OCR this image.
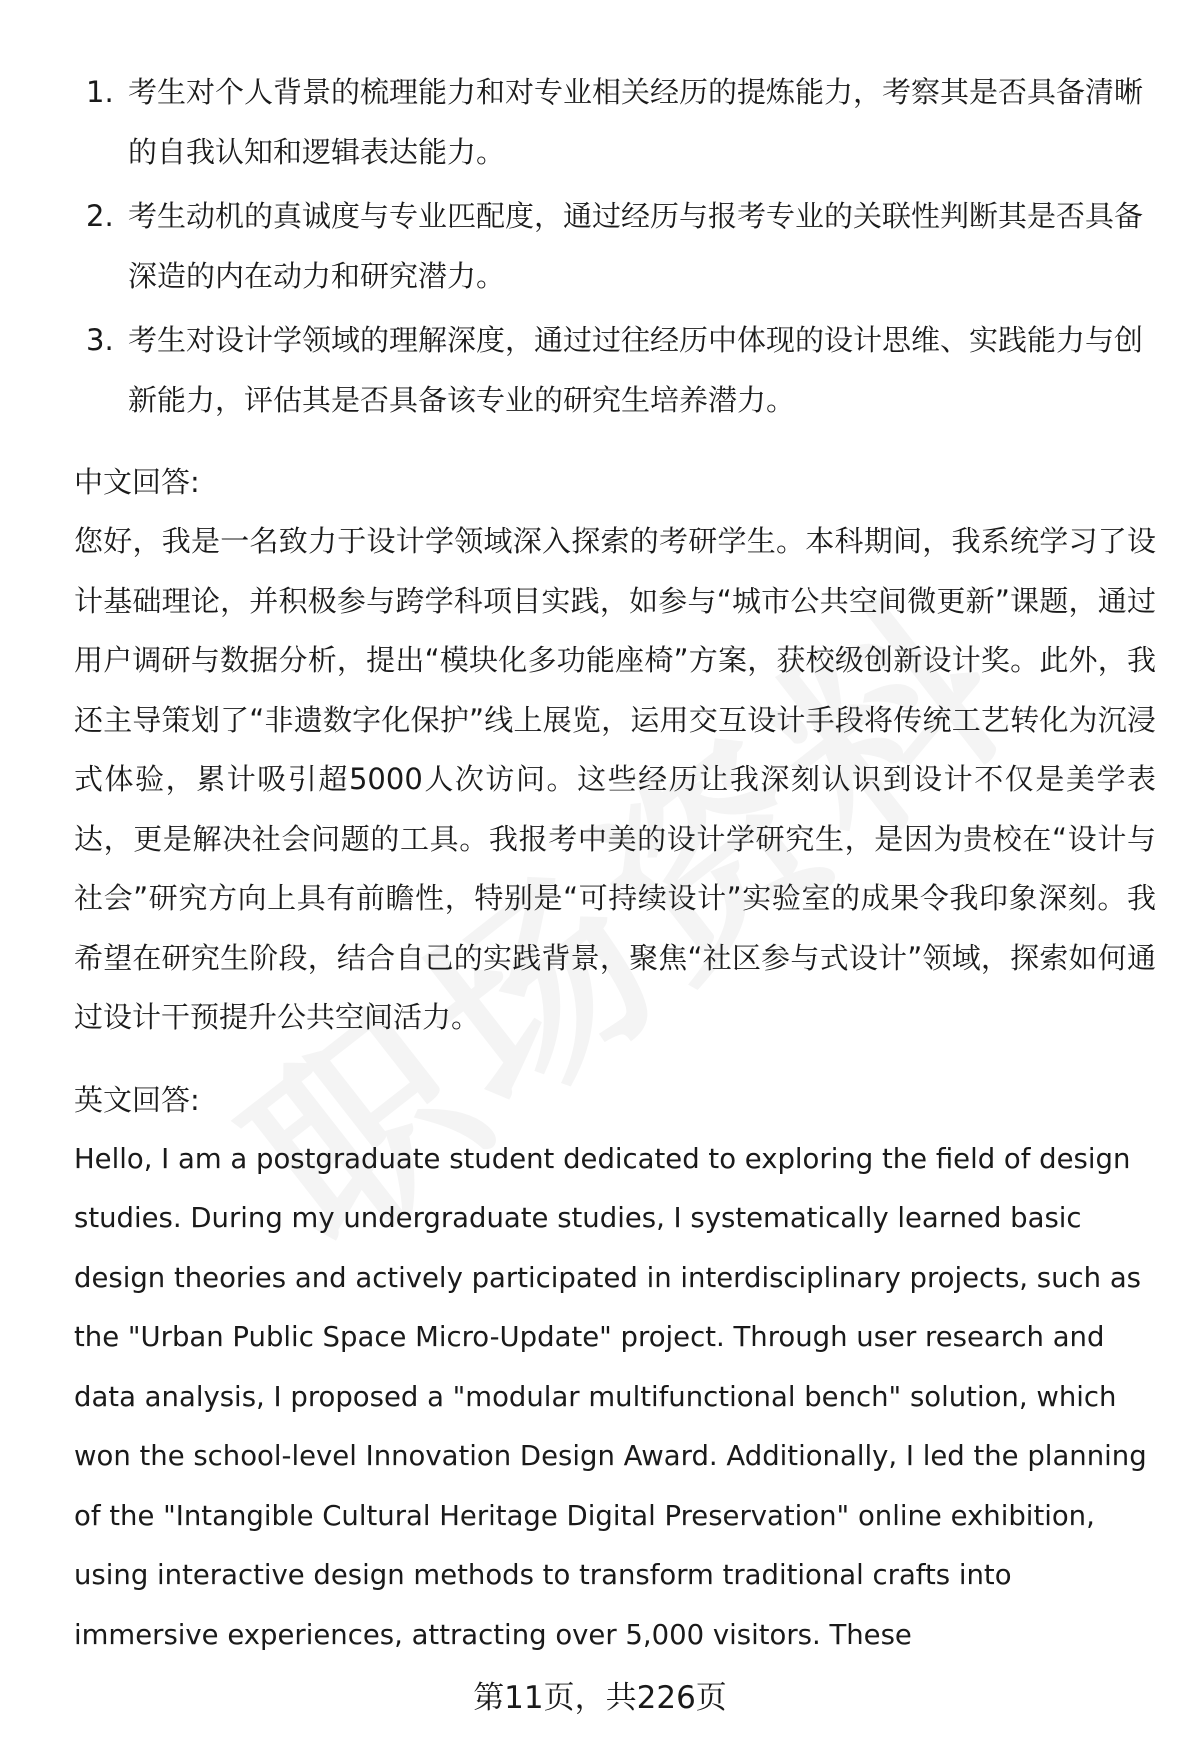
1. 考生对个人背景的梳理能力和对专业相关经历的提炼能力，考察其是否具备清晰的自我认知和逻辑表达能力。
2. 考生动机的真诚度与专业匹配度，通过经历与报考专业的关联性判断其是否具备深造的内在动力和研究潜力。
3. 考生对设计学领域的理解深度，通过过往经历中体现的设计思维、实践能力与创新能力，评估其是否具备该专业的研究生培养潜力。
中文回答:

您好，我是一名致力于设计学领域深入探索的考研学生。本科期间，我系统学习了设计基础理论，并积极参与跨学科项目实践，如参与“城市公共空间微更新”课题，通过用户调研与数据分析，提出“模块化多功能座椅”方案，获校级创新设计奖。此外，我还主导策划了“非遗数字化保护”线上展览，运用交互设计手段将传统工艺转化为沉浸式体验，累计吸引超5000人次访问。这些经历让我深刻认识到设计不仅是美学表达，更是解决社会问题的工具。我报考中美的设计学研究生，是因为贵校在“设计与社会”研究方向上具有前瞻性，特别是“可持续设计”实验室的成果令我印象深刻。我希望在研究生阶段，结合自己的实践背景，聚焦“社区参与式设计”领域，探索如何通过设计干预提升公共空间活力。

英文回答:

Hello, I am a postgraduate student dedicated to exploring the field of design studies. During my undergraduate studies, I systematically learned basic design theories and actively participated in interdisciplinary projects, such as the "Urban Public Space Micro-Update" project. Through user research and data analysis, I proposed a "modular multifunctional bench" solution, which won the school-level Innovation Design Award. Additionally, I led the planning of the "Intangible Cultural Heritage Digital Preservation" online exhibition, using interactive design methods to transform traditional crafts into immersive experiences, attracting over 5,000 visitors. These

第11页，共226页
